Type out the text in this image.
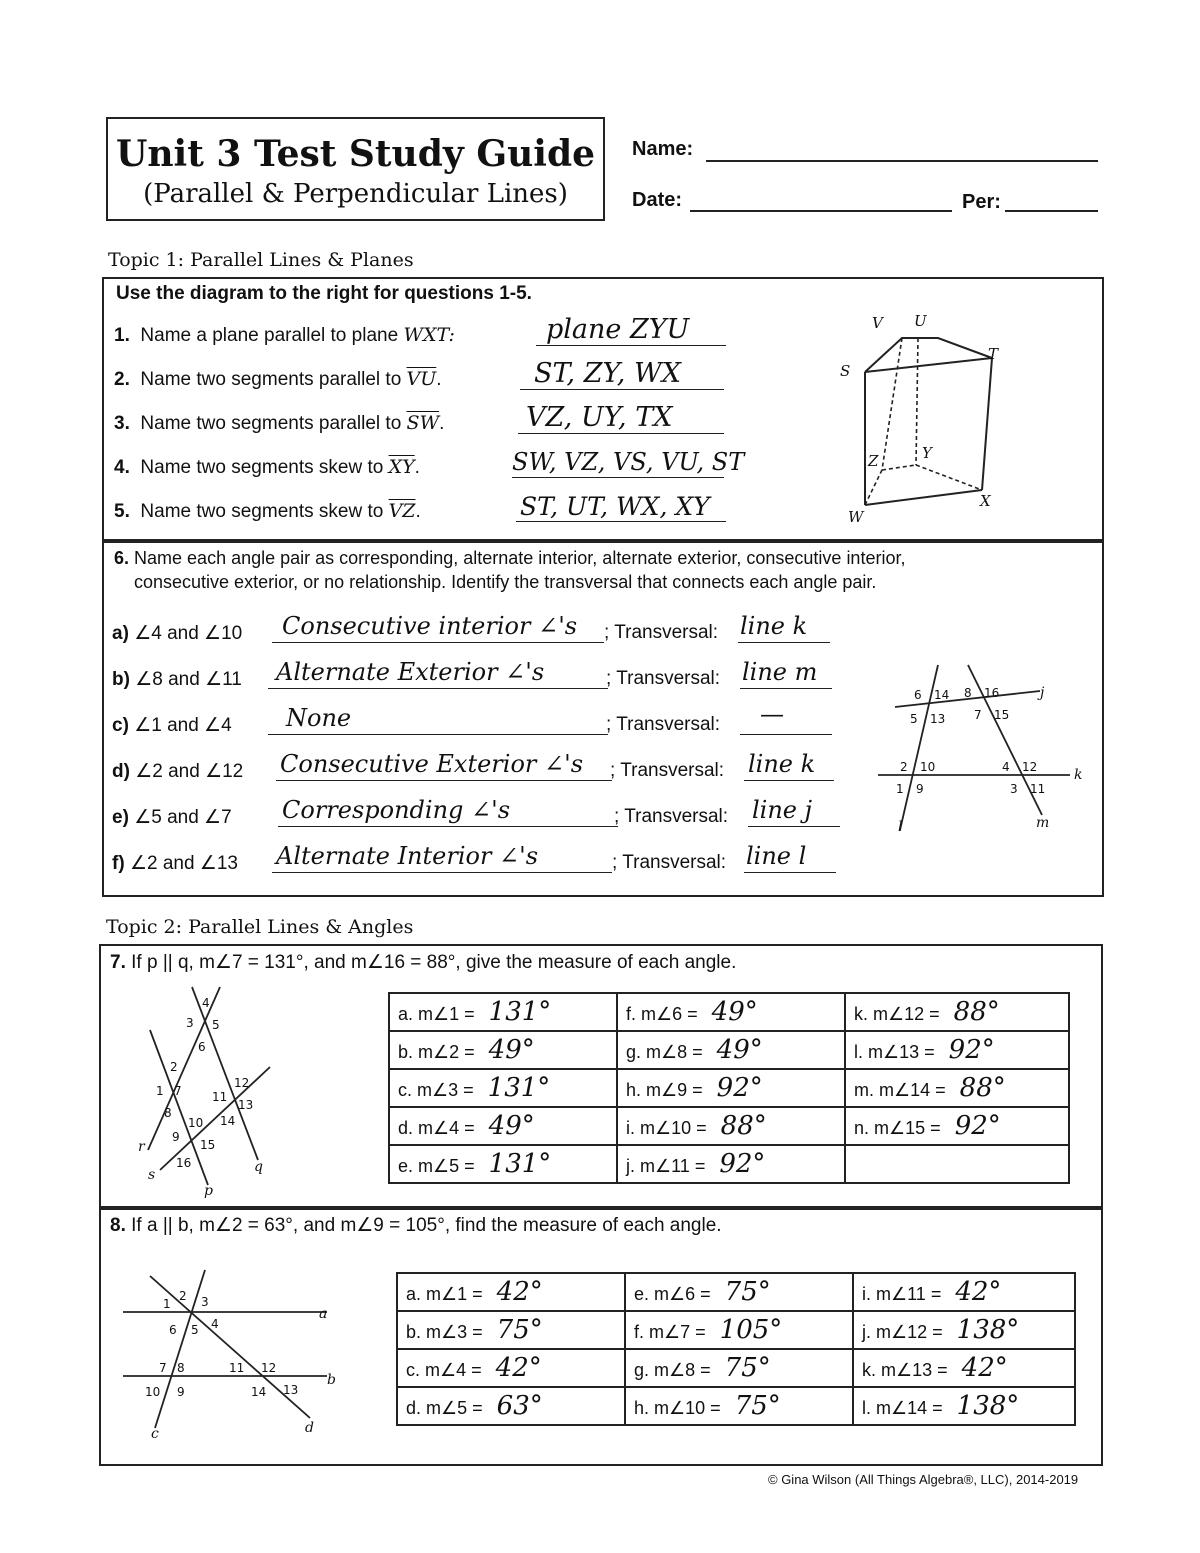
Unit 3 Test Study Guide
(Parallel & Perpendicular Lines)
Name:
Date:	Per:
Topic 1: Parallel Lines & Planes
Use the diagram to the right for questions 1-5.
1. Name a plane parallel to plane WXT:	plane ZYU
2. Name two segments parallel to $\overline{VU}$.	ST, ZY, WX
3. Name two segments parallel to $\overline{SW}$.	VZ, UY, TX
4. Name two segments skew to $\overline{XY}$.	SW, VZ, VS, VU, ST
5. Name two segments skew to $\overline{VZ}$.	ST, UT, WX, XY
V U
T
S
Z	Y
W
X
6. Name each angle pair as corresponding, alternate interior, alternate exterior, consecutive interior,
consecutive exterior, or no relationship. Identify the transversal that connects each angle pair.
a) ∠4 and ∠10 Consecutive interior ∠'s ; Transversal: line k
b) ∠8 and ∠11 Alternate Exterior ∠'s	; Transversal: line m
c) ∠1 and ∠4 None	; Transversal: —
d) ∠2 and ∠12 Consecutive Exterior ∠'s ; Transversal: line k
e) ∠5 and ∠7 Corresponding ∠'s	; Transversal: line j
f) ∠2 and ∠13 Alternate Interior ∠'s	; Transversal: line l
6 14 8 16
5 13 7 15
2 10	4 12
1 9	3 11
j
k
l	m
Topic 2: Parallel Lines & Angles
7. If p || q, m∠7 = 131°, and m∠16 = 88°, give the measure of each angle.
4
3 5
6
2
1 7
12
11
13
8
10 14
9
15
16
r
s	q
p
a. m∠1 = 131°	f. m∠6 = 49°	k. m∠12 = 88°
b. m∠2 = 49°	g. m∠8 = 49°	l. m∠13 = 92°
c. m∠3 = 131°	h. m∠9 = 92°	m. m∠14 = 88°
d. m∠4 = 49°	i. m∠10 = 88°	n. m∠15 = 92°
e. m∠5 = 131°	j. m∠11 = 92°	
8. If a || b, m∠2 = 63°, and m∠9 = 105°, find the measure of each angle.
1
2 3
6 5 4
7 8	11 12
10 9	14 13
a
b
c	d
a. m∠1 = 42°	e. m∠6 = 75°	i. m∠11 = 42°
b. m∠3 = 75°	f. m∠7 = 105°	j. m∠12 = 138°
c. m∠4 = 42°	g. m∠8 = 75°	k. m∠13 = 42°
d. m∠5 = 63°	h. m∠10 = 75°	l. m∠14 = 138°
© Gina Wilson (All Things Algebra®, LLC), 2014-2019
